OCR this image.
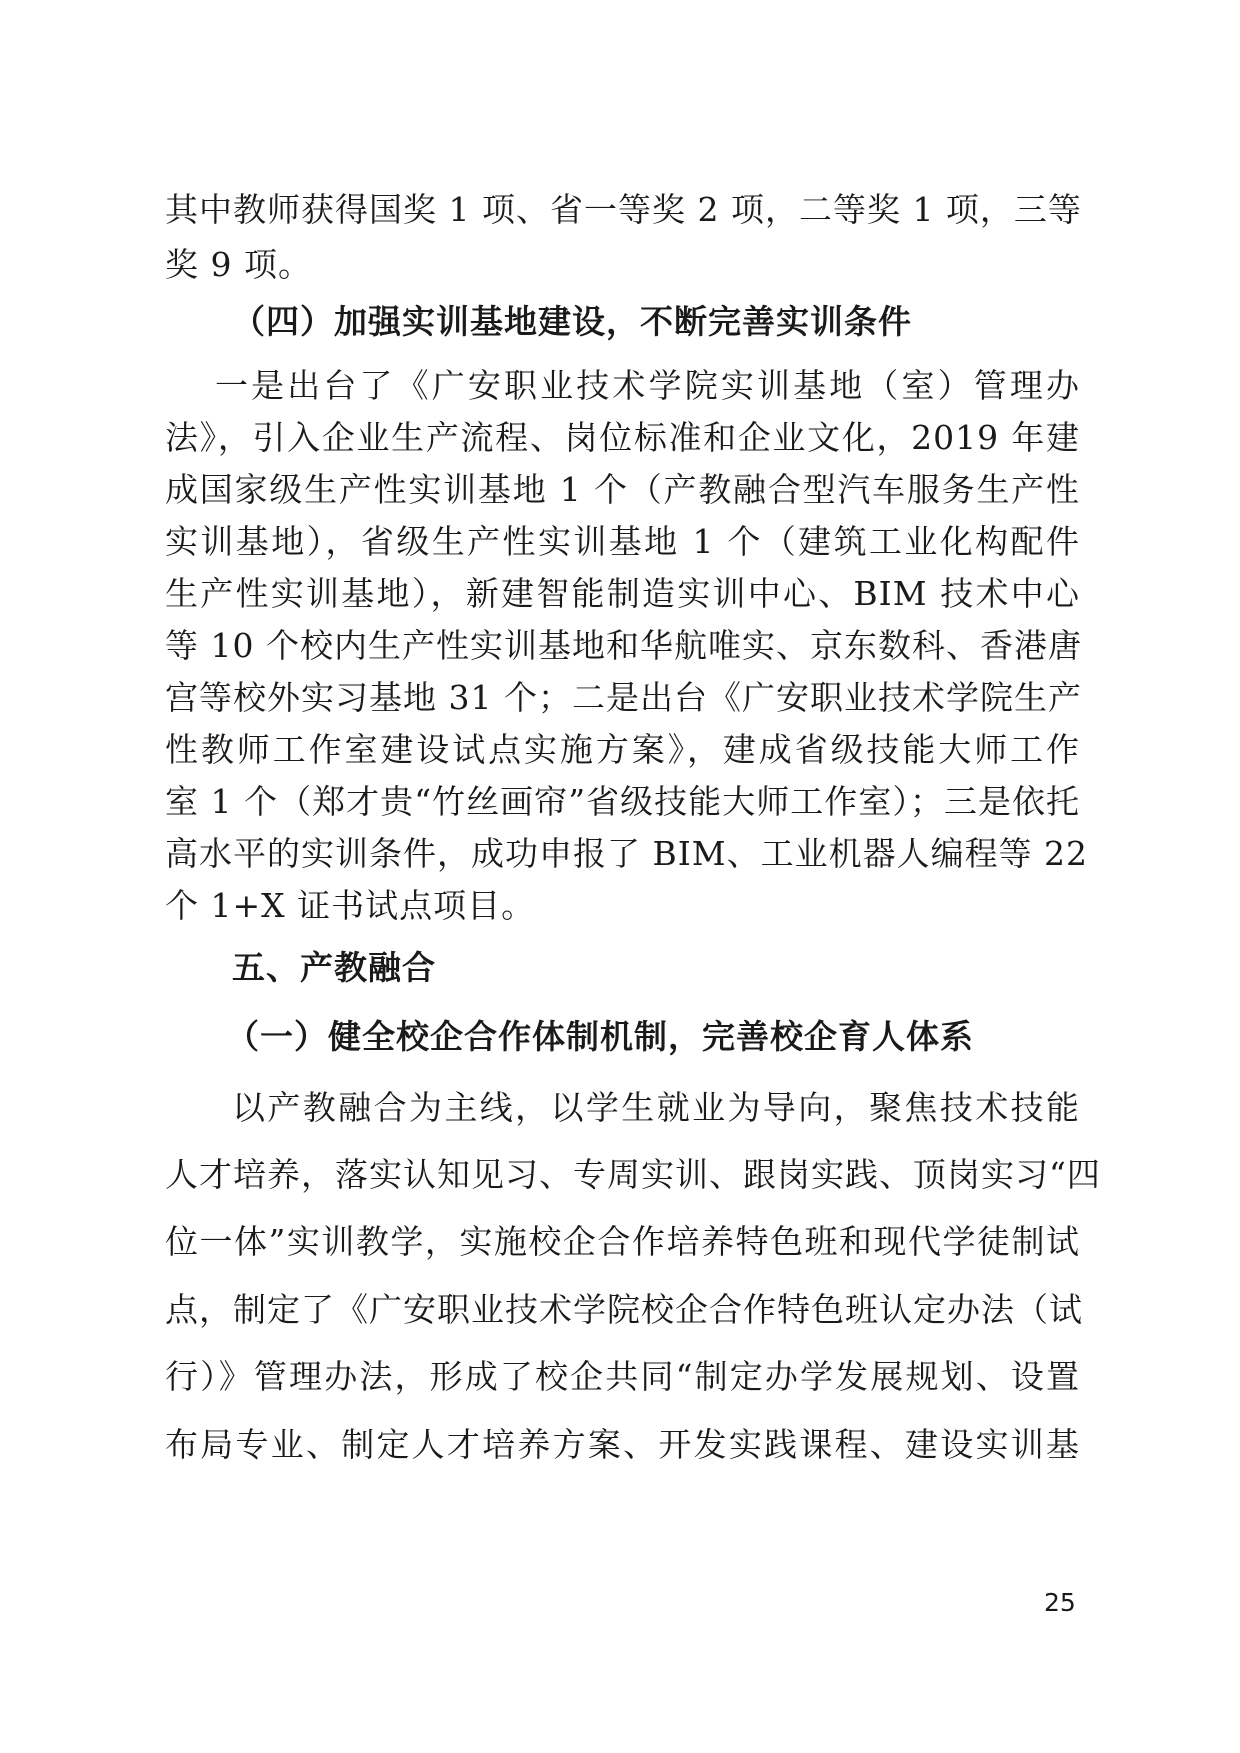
其中教师获得国奖 1 项、省一等奖 2 项，二等奖 1 项，三等
奖 9 项。
（四）加强实训基地建设，不断完善实训条件
一是出台了《广安职业技术学院实训基地（室）管理办
法》，引入企业生产流程、岗位标准和企业文化，2019 年建
成国家级生产性实训基地 1 个（产教融合型汽车服务生产性
实训基地），省级生产性实训基地 1 个（建筑工业化构配件
生产性实训基地），新建智能制造实训中心、BIM 技术中心
等 10 个校内生产性实训基地和华航唯实、京东数科、香港唐
宫等校外实习基地 31 个；二是出台《广安职业技术学院生产
性教师工作室建设试点实施方案》，建成省级技能大师工作
室 1 个（郑才贵“竹丝画帘”省级技能大师工作室）；三是依托
高水平的实训条件，成功申报了 BIM、工业机器人编程等 22
个 1+X 证书试点项目。
五、产教融合
（一）健全校企合作体制机制，完善校企育人体系
以产教融合为主线，以学生就业为导向，聚焦技术技能
人才培养，落实认知见习、专周实训、跟岗实践、顶岗实习“四
位一体”实训教学，实施校企合作培养特色班和现代学徒制试
点，制定了《广安职业技术学院校企合作特色班认定办法（试
行）》管理办法，形成了校企共同“制定办学发展规划、设置
布局专业、制定人才培养方案、开发实践课程、建设实训基
25
